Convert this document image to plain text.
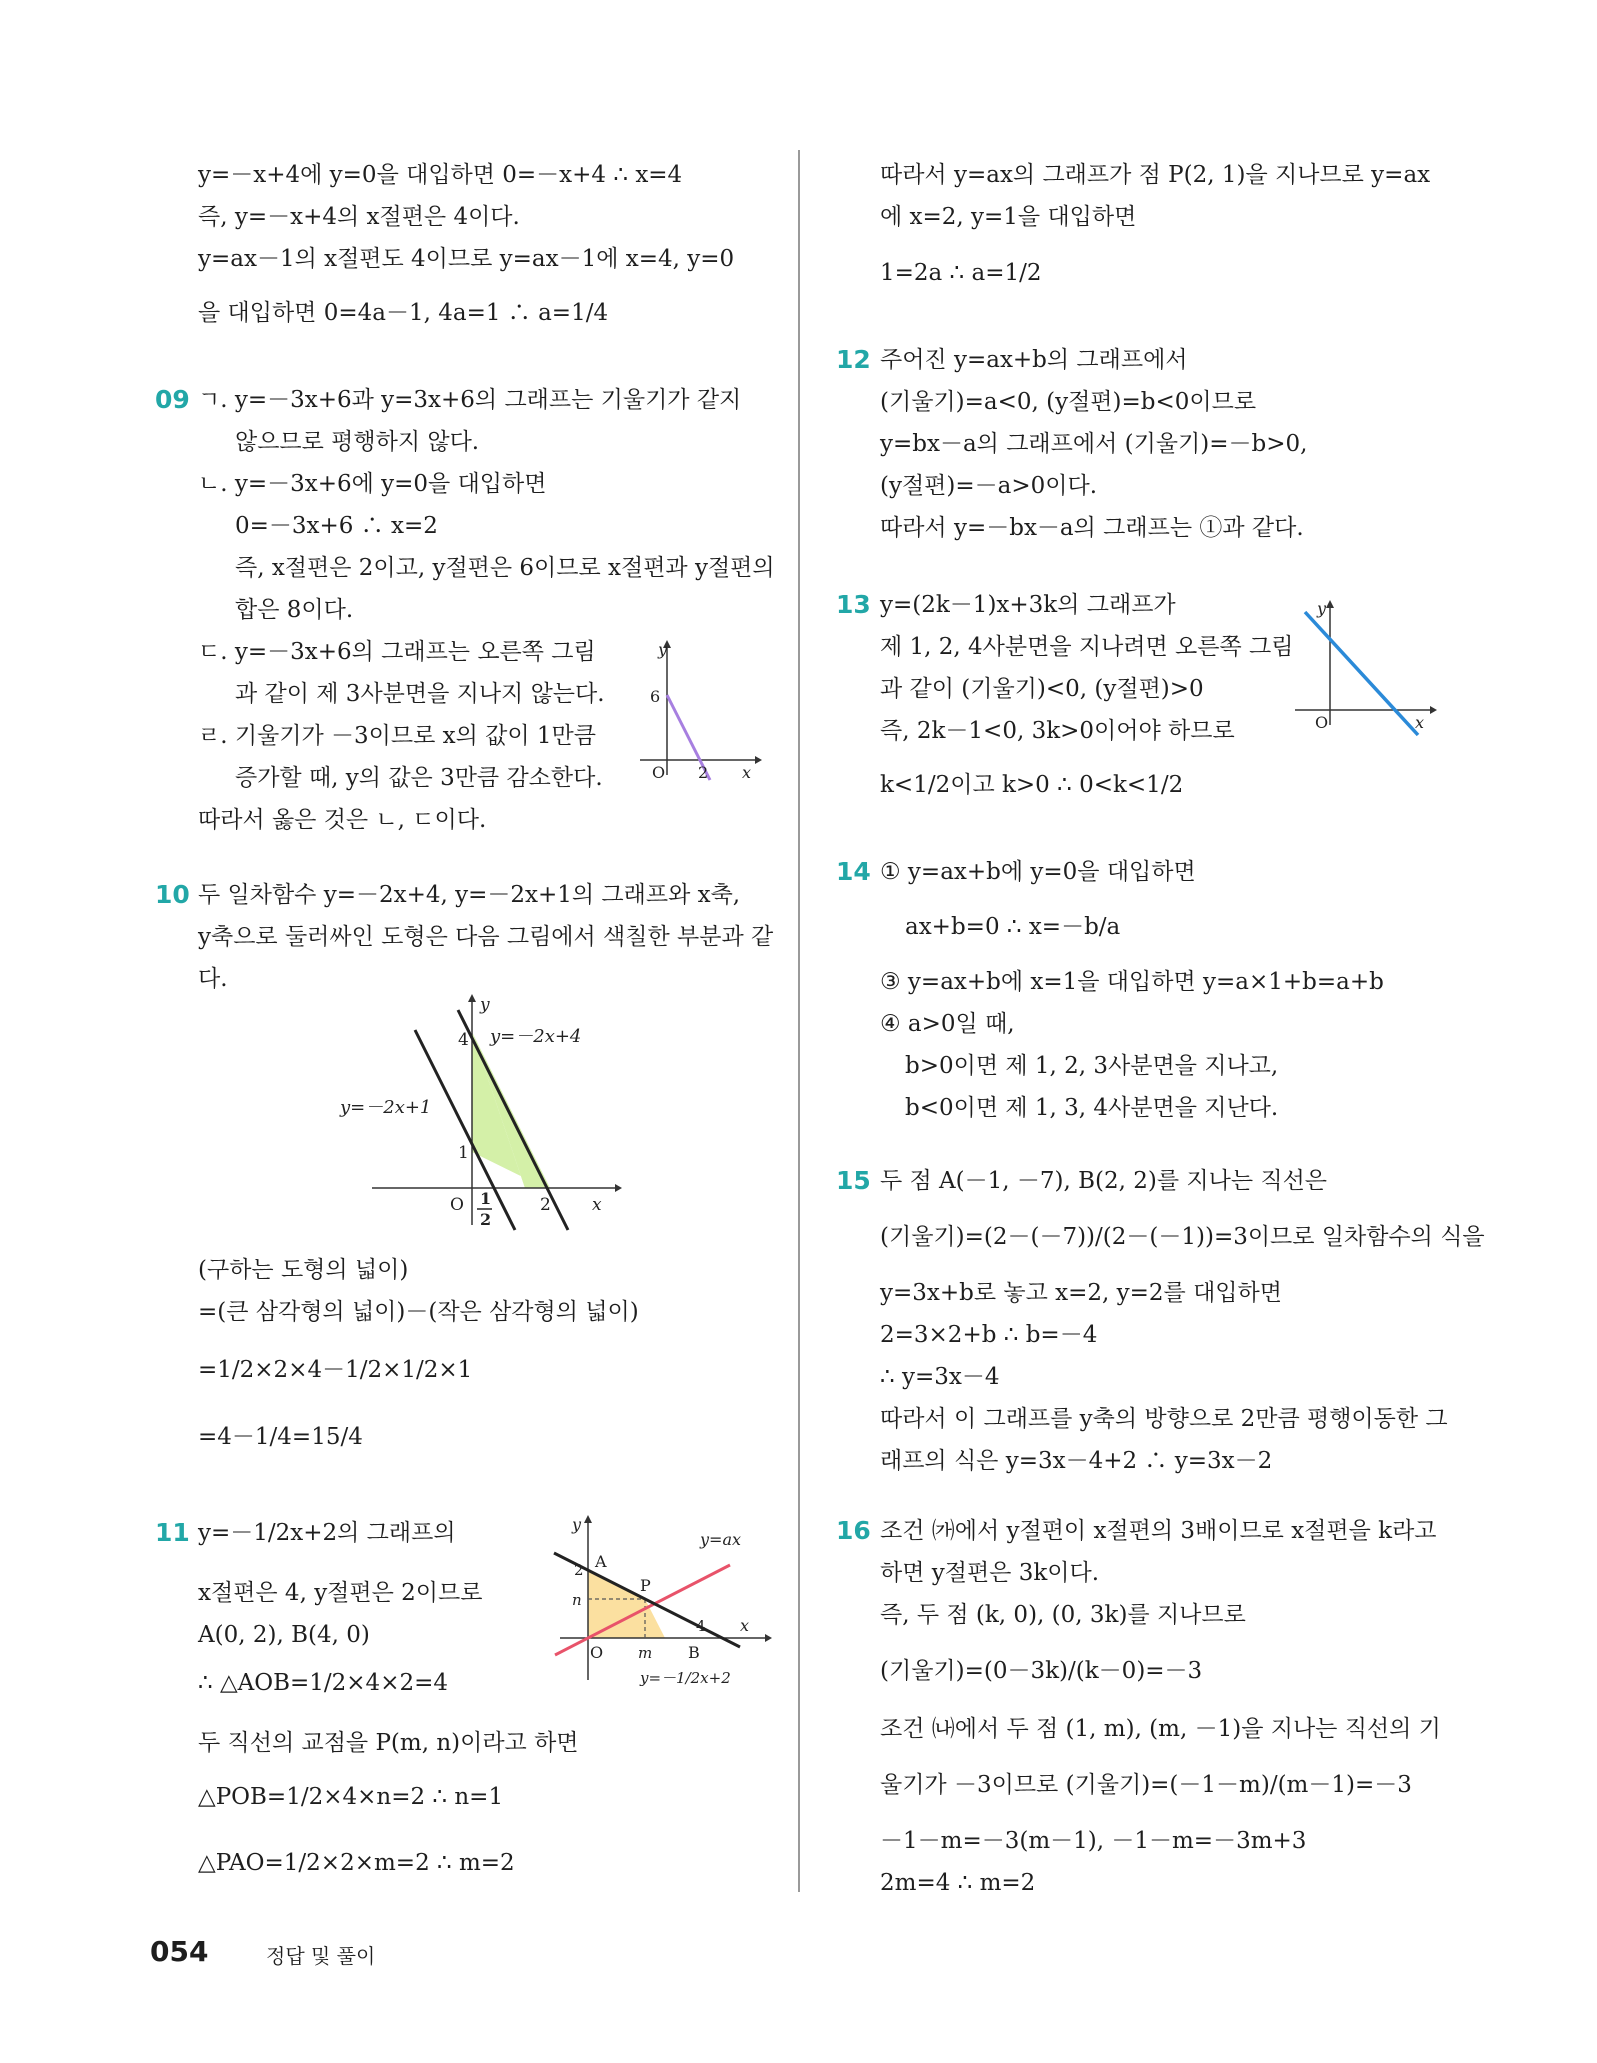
y=－x+4에 y=0을 대입하면 0=－x+4 ∴ x=4
즉, y=－x+4의 x절편은 4이다.
y=ax－1의 x절편도 4이므로 y=ax－1에 x=4, y=0
을 대입하면 0=4a－1, 4a=1 ∴ a=1/4
09 ㄱ. y=－3x+6과 y=3x+6의 그래프는 기울기가 같지
않으므로 평행하지 않다.
ㄴ. y=－3x+6에 y=0을 대입하면
0=－3x+6 ∴ x=2
즉, x절편은 2이고, y절편은 6이므로 x절편과 y절편의
합은 8이다.
ㄷ. y=－3x+6의 그래프는 오른쪽 그림
과 같이 제 3사분면을 지나지 않는다.
ㄹ. 기울기가 －3이므로 x의 값이 1만큼
증가할 때, y의 값은 3만큼 감소한다.
따라서 옳은 것은 ㄴ, ㄷ이다.
y
x
O
6
2
10 두 일차함수 y=－2x+4, y=－2x+1의 그래프와 x축,
y축으로 둘러싸인 도형은 다음 그림에서 색칠한 부분과 같
다.
y
x
O
y=－2x+4
y=－2x+1
4
1
1
2
2
(구하는 도형의 넓이)
=(큰 삼각형의 넓이)－(작은 삼각형의 넓이)
=1/2×2×4－1/2×1/2×1
=4－1/4=15/4
11 y=－1/2x+2의 그래프의
x절편은 4, y절편은 2이므로
A(0, 2), B(4, 0)
∴ △AOB=1/2×4×2=4
두 직선의 교점을 P(m, n)이라고 하면
△POB=1/2×4×n=2 ∴ n=1
△PAO=1/2×2×m=2 ∴ m=2
y
x
O
A
B
P
2
n
4
m
y=ax
y=－1/2x+2
따라서 y=ax의 그래프가 점 P(2, 1)을 지나므로 y=ax
에 x=2, y=1을 대입하면
1=2a ∴ a=1/2
12 주어진 y=ax+b의 그래프에서
(기울기)=a<0, (y절편)=b<0이므로
y=bx－a의 그래프에서 (기울기)=－b>0,
(y절편)=－a>0이다.
따라서 y=－bx－a의 그래프는 ①과 같다.
13 y=(2k－1)x+3k의 그래프가
제 1, 2, 4사분면을 지나려면 오른쪽 그림
과 같이 (기울기)<0, (y절편)>0
즉, 2k－1<0, 3k>0이어야 하므로
k<1/2이고 k>0 ∴ 0<k<1/2
y
x
O
14 ① y=ax+b에 y=0을 대입하면
ax+b=0 ∴ x=－b/a
③ y=ax+b에 x=1을 대입하면 y=a×1+b=a+b
④ a>0일 때,
b>0이면 제 1, 2, 3사분면을 지나고,
b<0이면 제 1, 3, 4사분면을 지난다.
15 두 점 A(－1, －7), B(2, 2)를 지나는 직선은
(기울기)=(2－(－7))/(2－(－1))=3이므로 일차함수의 식을
y=3x+b로 놓고 x=2, y=2를 대입하면
2=3×2+b ∴ b=－4
∴ y=3x－4
따라서 이 그래프를 y축의 방향으로 2만큼 평행이동한 그
래프의 식은 y=3x－4+2 ∴ y=3x－2
16 조건 ㈎에서 y절편이 x절편의 3배이므로 x절편을 k라고
하면 y절편은 3k이다.
즉, 두 점 (k, 0), (0, 3k)를 지나므로
(기울기)=(0－3k)/(k－0)=－3
조건 ㈏에서 두 점 (1, m), (m, －1)을 지나는 직선의 기
울기가 －3이므로 (기울기)=(－1－m)/(m－1)=－3
－1－m=－3(m－1), －1－m=－3m+3
2m=4 ∴ m=2
054	정답 및 풀이
